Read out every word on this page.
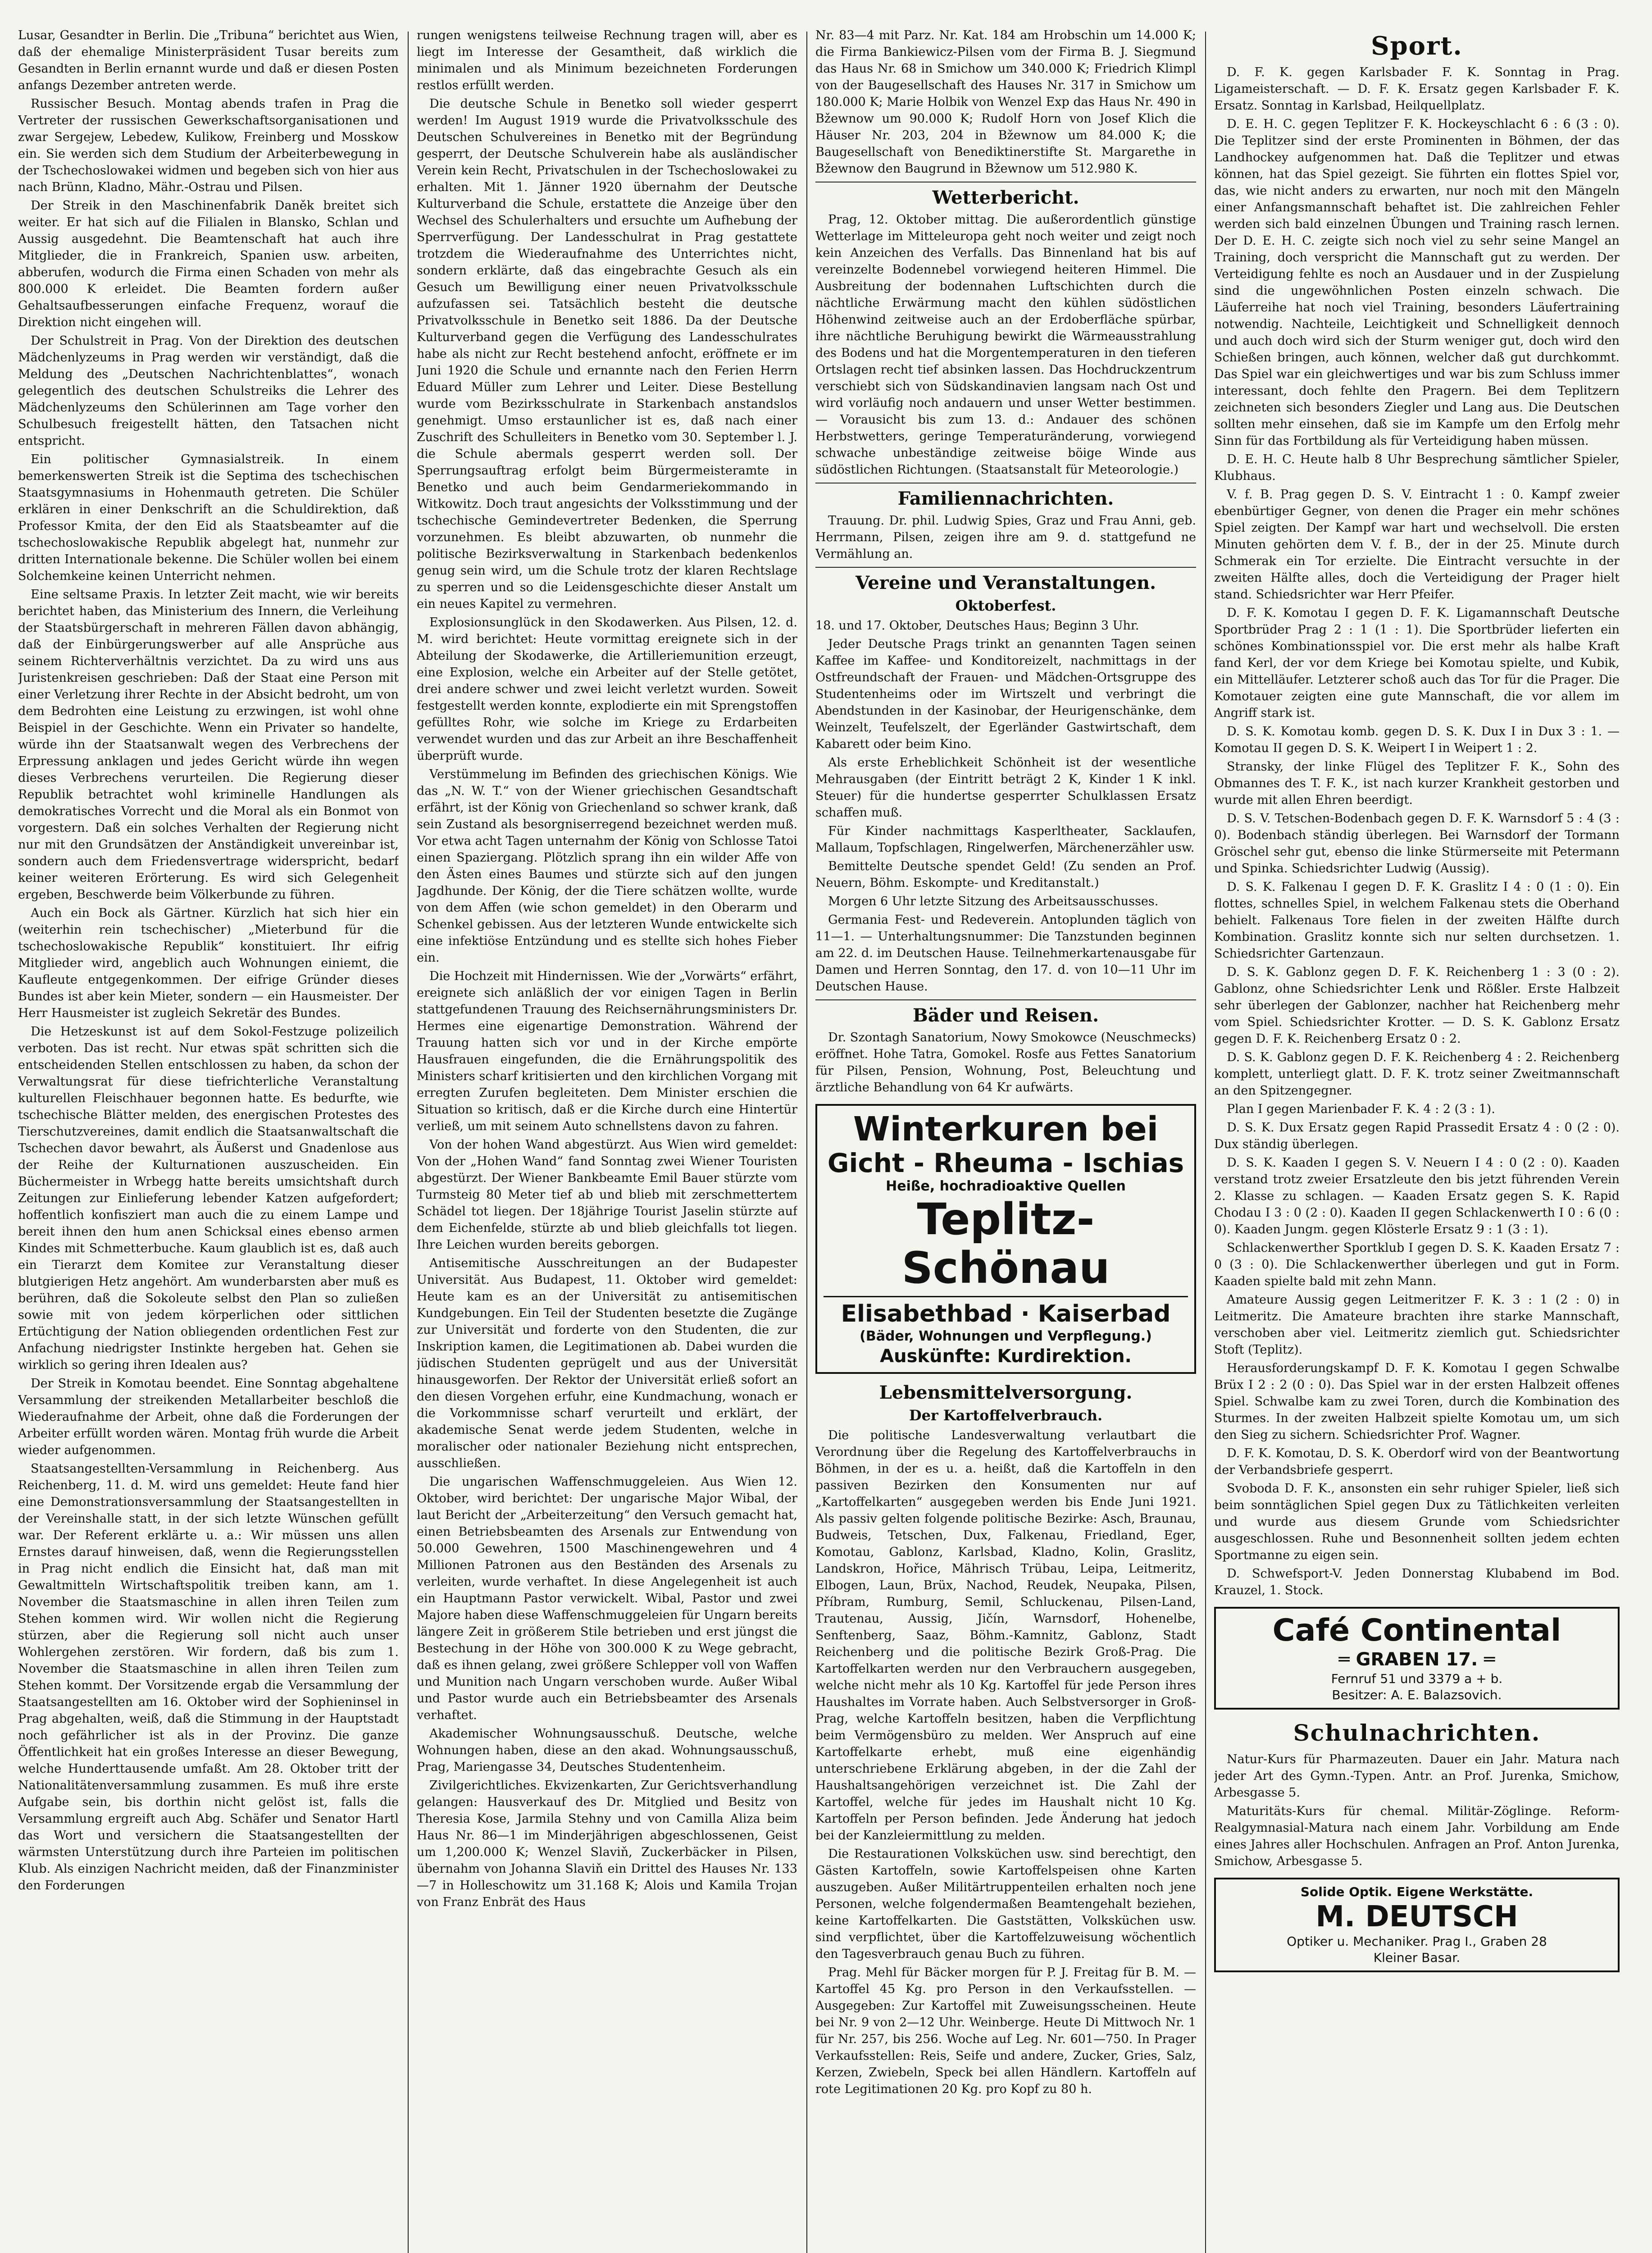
Lusar, Gesandter in Berlin. Die „Tribuna“ berichtet aus Wien, daß der ehemalige Ministerpräsident Tusar bereits zum Gesandten in Berlin ernannt wurde und daß er diesen Posten anfangs Dezember antreten werde.

Russischer Besuch. Montag abends trafen in Prag die Vertreter der russischen Gewerkschaftsorganisationen und zwar Sergejew, Lebedew, Kulikow, Freinberg und Mosskow ein. Sie werden sich dem Studium der Arbeiterbewegung in der Tschechoslowakei widmen und begeben sich von hier aus nach Brünn, Kladno, Mähr.-Ostrau und Pilsen.

Der Streik in den Maschinenfabrik Daněk breitet sich weiter. Er hat sich auf die Filialen in Blansko, Schlan und Aussig ausgedehnt. Die Beamtenschaft hat auch ihre Mitglieder, die in Frankreich, Spanien usw. arbeiten, abberufen, wodurch die Firma einen Schaden von mehr als 800.000 K erleidet. Die Beamten fordern außer Gehaltsaufbesserungen einfache Frequenz, worauf die Direktion nicht eingehen will.

Der Schulstreit in Prag. Von der Direktion des deutschen Mädchenlyzeums in Prag werden wir verständigt, daß die Meldung des „Deutschen Nachrichtenblattes“, wonach gelegentlich des deutschen Schulstreiks die Lehrer des Mädchenlyzeums den Schülerinnen am Tage vorher den Schulbesuch freigestellt hätten, den Tatsachen nicht entspricht.

Ein politischer Gymnasialstreik. In einem bemerkenswerten Streik ist die Septima des tschechischen Staatsgymnasiums in Hohenmauth getreten. Die Schüler erklären in einer Denkschrift an die Schuldirektion, daß Professor Kmita, der den Eid als Staatsbeamter auf die tschechoslowakische Republik abgelegt hat, nunmehr zur dritten Internationale bekenne. Die Schüler wollen bei einem Solchemkeine keinen Unterricht nehmen.

Eine seltsame Praxis. In letzter Zeit macht, wie wir bereits berichtet haben, das Ministerium des Innern, die Verleihung der Staatsbürgerschaft in mehreren Fällen davon abhängig, daß der Einbürgerungswerber auf alle Ansprüche aus seinem Richterverhältnis verzichtet. Da zu wird uns aus Juristenkreisen geschrieben: Daß der Staat eine Person mit einer Verletzung ihrer Rechte in der Absicht bedroht, um von dem Bedrohten eine Leistung zu erzwingen, ist wohl ohne Beispiel in der Geschichte. Wenn ein Privater so handelte, würde ihn der Staatsanwalt wegen des Verbrechens der Erpressung anklagen und jedes Gericht würde ihn wegen dieses Verbrechens verurteilen. Die Regierung dieser Republik betrachtet wohl kriminelle Handlungen als demokratisches Vorrecht und die Moral als ein Bonmot von vorgestern. Daß ein solches Verhalten der Regierung nicht nur mit den Grundsätzen der Anständigkeit unvereinbar ist, sondern auch dem Friedensvertrage widerspricht, bedarf keiner weiteren Erörterung. Es wird sich Gelegenheit ergeben, Beschwerde beim Völkerbunde zu führen.

Auch ein Bock als Gärtner. Kürzlich hat sich hier ein (weiterhin rein tschechischer) „Mieterbund für die tschechoslowakische Republik“ konstituiert. Ihr eifrig Mitglieder wird, angeblich auch Wohnungen einiemt, die Kaufleute entgegenkommen. Der eifrige Gründer dieses Bundes ist aber kein Mieter, sondern — ein Hausmeister. Der Herr Hausmeister ist zugleich Sekretär des Bundes.

Die Hetzeskunst ist auf dem Sokol-Festzuge polizeilich verboten. Das ist recht. Nur etwas spät schritten sich die entscheidenden Stellen entschlossen zu haben, da schon der Verwaltungsrat für diese tiefrichterliche Veranstaltung kulturellen Fleischhauer begonnen hatte. Es bedurfte, wie tschechische Blätter melden, des energischen Protestes des Tierschutzvereines, damit endlich die Staatsanwaltschaft die Tschechen davor bewahrt, als Äußerst und Gnadenlose aus der Reihe der Kulturnationen auszuscheiden. Ein Büchermeister in Wrbegg hatte bereits umsichtshaft durch Zeitungen zur Einlieferung lebender Katzen aufgefordert; hoffentlich konfisziert man auch die zu einem Lampe und bereit ihnen den hum anen Schicksal eines ebenso armen Kindes mit Schmetterbuche. Kaum glaublich ist es, daß auch ein Tierarzt dem Komitee zur Veranstaltung dieser blutgierigen Hetz angehört. Am wunderbarsten aber muß es berühren, daß die Sokoleute selbst den Plan so zuließen sowie mit von jedem körperlichen oder sittlichen Ertüchtigung der Nation obliegenden ordentlichen Fest zur Anfachung niedrigster Instinkte hergeben hat. Gehen sie wirklich so gering ihren Idealen aus?

Der Streik in Komotau beendet. Eine Sonntag abgehaltene Versammlung der streikenden Metallarbeiter beschloß die Wiederaufnahme der Arbeit, ohne daß die Forderungen der Arbeiter erfüllt worden wären. Montag früh wurde die Arbeit wieder aufgenommen.

Staatsangestellten-Versammlung in Reichenberg. Aus Reichenberg, 11. d. M. wird uns gemeldet: Heute fand hier eine Demonstrationsversammlung der Staatsangestellten in der Vereinshalle statt, in der sich letzte Wünschen gefüllt war. Der Referent erklärte u. a.: Wir müssen uns allen Ernstes darauf hinweisen, daß, wenn die Regierungsstellen in Prag nicht endlich die Einsicht hat, daß man mit Gewaltmitteln Wirtschaftspolitik treiben kann, am 1. November die Staatsmaschine in allen ihren Teilen zum Stehen kommen wird. Wir wollen nicht die Regierung stürzen, aber die Regierung soll nicht auch unser Wohlergehen zerstören. Wir fordern, daß bis zum 1. November die Staatsmaschine in allen ihren Teilen zum Stehen kommt. Der Vorsitzende ergab die Versammlung der Staatsangestellten am 16. Oktober wird der Sophieninsel in Prag abgehalten, weiß, daß die Stimmung in der Hauptstadt noch gefährlicher ist als in der Provinz. Die ganze Öffentlichkeit hat ein großes Interesse an dieser Bewegung, welche Hunderttausende umfaßt. Am 28. Oktober tritt der Nationalitätenversammlung zusammen. Es muß ihre erste Aufgabe sein, bis dorthin nicht gelöst ist, falls die Versammlung ergreift auch Abg. Schäfer und Senator Hartl das Wort und versichern die Staatsangestellten der wärmsten Unterstützung durch ihre Parteien im politischen Klub. Als einzigen Nachricht meiden, daß der Finanzminister den Forderungen

rungen wenigstens teilweise Rechnung tragen will, aber es liegt im Interesse der Gesamtheit, daß wirklich die minimalen und als Minimum bezeichneten Forderungen restlos erfüllt werden.

Die deutsche Schule in Benetko soll wieder gesperrt werden! Im August 1919 wurde die Privatvolksschule des Deutschen Schulvereines in Benetko mit der Begründung gesperrt, der Deutsche Schulverein habe als ausländischer Verein kein Recht, Privatschulen in der Tschechoslowakei zu erhalten. Mit 1. Jänner 1920 übernahm der Deutsche Kulturverband die Schule, erstattete die Anzeige über den Wechsel des Schulerhalters und ersuchte um Aufhebung der Sperrverfügung. Der Landesschulrat in Prag gestattete trotzdem die Wiederaufnahme des Unterrichtes nicht, sondern erklärte, daß das eingebrachte Gesuch als ein Gesuch um Bewilligung einer neuen Privatvolksschule aufzufassen sei. Tatsächlich besteht die deutsche Privatvolksschule in Benetko seit 1886. Da der Deutsche Kulturverband gegen die Verfügung des Landesschulrates habe als nicht zur Recht bestehend anfocht, eröffnete er im Juni 1920 die Schule und ernannte nach den Ferien Herrn Eduard Müller zum Lehrer und Leiter. Diese Bestellung wurde vom Bezirksschulrate in Starkenbach anstandslos genehmigt. Umso erstaunlicher ist es, daß nach einer Zuschrift des Schulleiters in Benetko vom 30. September l. J. die Schule abermals gesperrt werden soll. Der Sperrungsauftrag erfolgt beim Bürgermeisteramte in Benetko und auch beim Gendarmeriekommando in Witkowitz. Doch traut angesichts der Volksstimmung und der tschechische Gemindevertreter Bedenken, die Sperrung vorzunehmen. Es bleibt abzuwarten, ob nunmehr die politische Bezirksverwaltung in Starkenbach bedenkenlos genug sein wird, um die Schule trotz der klaren Rechtslage zu sperren und so die Leidensgeschichte dieser Anstalt um ein neues Kapitel zu vermehren.

Explosionsunglück in den Skodawerken. Aus Pilsen, 12. d. M. wird berichtet: Heute vormittag ereignete sich in der Abteilung der Skodawerke, die Artilleriemunition erzeugt, eine Explosion, welche ein Arbeiter auf der Stelle getötet, drei andere schwer und zwei leicht verletzt wurden. Soweit festgestellt werden konnte, explodierte ein mit Sprengstoffen gefülltes Rohr, wie solche im Kriege zu Erdarbeiten verwendet wurden und das zur Arbeit an ihre Beschaffenheit überprüft wurde.

Verstümmelung im Befinden des griechischen Königs. Wie das „N. W. T.“ von der Wiener griechischen Gesandtschaft erfährt, ist der König von Griechenland so schwer krank, daß sein Zustand als besorgniserregend bezeichnet werden muß. Vor etwa acht Tagen unternahm der König von Schlosse Tatoi einen Spaziergang. Plötzlich sprang ihn ein wilder Affe von den Ästen eines Baumes und stürzte sich auf den jungen Jagdhunde. Der König, der die Tiere schätzen wollte, wurde von dem Affen (wie schon gemeldet) in den Oberarm und Schenkel gebissen. Aus der letzteren Wunde entwickelte sich eine infektiöse Entzündung und es stellte sich hohes Fieber ein.

Die Hochzeit mit Hindernissen. Wie der „Vorwärts“ erfährt, ereignete sich anläßlich der vor einigen Tagen in Berlin stattgefundenen Trauung des Reichsernährungsministers Dr. Hermes eine eigenartige Demonstration. Während der Trauung hatten sich vor und in der Kirche empörte Hausfrauen eingefunden, die die Ernährungspolitik des Ministers scharf kritisierten und den kirchlichen Vorgang mit erregten Zurufen begleiteten. Dem Minister erschien die Situation so kritisch, daß er die Kirche durch eine Hintertür verließ, um mit seinem Auto schnellstens davon zu fahren.

Von der hohen Wand abgestürzt. Aus Wien wird gemeldet: Von der „Hohen Wand“ fand Sonntag zwei Wiener Touristen abgestürzt. Der Wiener Bankbeamte Emil Bauer stürzte vom Turmsteig 80 Meter tief ab und blieb mit zerschmettertem Schädel tot liegen. Der 18jährige Tourist Jaselin stürzte auf dem Eichenfelde, stürzte ab und blieb gleichfalls tot liegen. Ihre Leichen wurden bereits geborgen.

Antisemitische Ausschreitungen an der Budapester Universität. Aus Budapest, 11. Oktober wird gemeldet: Heute kam es an der Universität zu antisemitischen Kundgebungen. Ein Teil der Studenten besetzte die Zugänge zur Universität und forderte von den Studenten, die zur Inskription kamen, die Legitimationen ab. Dabei wurden die jüdischen Studenten geprügelt und aus der Universität hinausgeworfen. Der Rektor der Universität erließ sofort an den diesen Vorgehen erfuhr, eine Kundmachung, wonach er die Vorkommnisse scharf verurteilt und erklärt, der akademische Senat werde jedem Studenten, welche in moralischer oder nationaler Beziehung nicht entsprechen, ausschließen.

Die ungarischen Waffenschmuggeleien. Aus Wien 12. Oktober, wird berichtet: Der ungarische Major Wibal, der laut Bericht der „Arbeiterzeitung“ den Versuch gemacht hat, einen Betriebsbeamten des Arsenals zur Entwendung von 50.000 Gewehren, 1500 Maschinengewehren und 4 Millionen Patronen aus den Beständen des Arsenals zu verleiten, wurde verhaftet. In diese Angelegenheit ist auch ein Hauptmann Pastor verwickelt. Wibal, Pastor und zwei Majore haben diese Waffenschmuggeleien für Ungarn bereits längere Zeit in größerem Stile betrieben und erst jüngst die Bestechung in der Höhe von 300.000 K zu Wege gebracht, daß es ihnen gelang, zwei größere Schlepper voll von Waffen und Munition nach Ungarn verschoben wurde. Außer Wibal und Pastor wurde auch ein Betriebsbeamter des Arsenals verhaftet.

Akademischer Wohnungsausschuß. Deutsche, welche Wohnungen haben, diese an den akad. Wohnungsausschuß, Prag, Mariengasse 34, Deutsches Studentenheim.

Zivilgerichtliches. Ekvizenkarten, Zur Gerichtsverhandlung gelangen: Hausverkauf des Dr. Mitglied und Besitz von Theresia Kose, Jarmila Stehny und von Camilla Aliza beim Haus Nr. 86—1 im Minderjährigen abgeschlossenen, Geist um 1,200.000 K; Wenzel Slaviň, Zuckerbäcker in Pilsen, übernahm von Johanna Slaviň ein Drittel des Hauses Nr. 133—7 in Holleschowitz um 31.168 K; Alois und Kamila Trojan von Franz Enbrät des Haus

Nr. 83—4 mit Parz. Nr. Kat. 184 am Hrobschin um 14.000 K; die Firma Bankiewicz-Pilsen vom der Firma B. J. Siegmund das Haus Nr. 68 in Smichow um 340.000 K; Friedrich Klimpl von der Baugesellschaft des Hauses Nr. 317 in Smichow um 180.000 K; Marie Holbik von Wenzel Exp das Haus Nr. 490 in Bžewnow um 90.000 K; Rudolf Horn von Josef Klich die Häuser Nr. 203, 204 in Bžewnow um 84.000 K; die Baugesellschaft von Benediktinerstifte St. Margarethe in Bžewnow den Baugrund in Bžewnow um 512.980 K.

Wetterbericht.

Prag, 12. Oktober mittag. Die außerordentlich günstige Wetterlage im Mitteleuropa geht noch weiter und zeigt noch kein Anzeichen des Verfalls. Das Binnenland hat bis auf vereinzelte Bodennebel vorwiegend heiteren Himmel. Die Ausbreitung der bodennahen Luftschichten durch die nächtliche Erwärmung macht den kühlen südöstlichen Höhenwind zeitweise auch an der Erdoberfläche spürbar, ihre nächtliche Beruhigung bewirkt die Wärmeausstrahlung des Bodens und hat die Morgentemperaturen in den tieferen Ortslagen recht tief absinken lassen. Das Hochdruckzentrum verschiebt sich von Südskandinavien langsam nach Ost und wird vorläufig noch andauern und unser Wetter bestimmen. — Vorausicht bis zum 13. d.: Andauer des schönen Herbstwetters, geringe Temperaturänderung, vorwiegend schwache unbeständige zeitweise böige Winde aus südöstlichen Richtungen. (Staatsanstalt für Meteorologie.)

Familiennachrichten.

Trauung. Dr. phil. Ludwig Spies, Graz und Frau Anni, geb. Herrmann, Pilsen, zeigen ihre am 9. d. stattgefund ne Vermählung an.

Vereine und Veranstaltungen.
Oktoberfest.

18. und 17. Oktober, Deutsches Haus; Beginn 3 Uhr.

Jeder Deutsche Prags trinkt an genannten Tagen seinen Kaffee im Kaffee- und Konditoreizelt, nachmittags in der Ostfreundschaft der Frauen- und Mädchen-Ortsgruppe des Studentenheims oder im Wirtszelt und verbringt die Abendstunden in der Kasinobar, der Heurigenschänke, dem Weinzelt, Teufelszelt, der Egerländer Gastwirtschaft, dem Kabarett oder beim Kino.

Als erste Erheblichkeit Schönheit ist der wesentliche Mehrausgaben (der Eintritt beträgt 2 K, Kinder 1 K inkl. Steuer) für die hundertse gesperrter Schulklassen Ersatz schaffen muß.

Für Kinder nachmittags Kasperltheater, Sacklaufen, Mallaum, Topfschlagen, Ringelwerfen, Märchenerzähler usw.

Bemittelte Deutsche spendet Geld! (Zu senden an Prof. Neuern, Böhm. Eskompte- und Kreditanstalt.)

Morgen 6 Uhr letzte Sitzung des Arbeitsausschusses.

Germania Fest- und Redeverein. Antoplunden täglich von 11—1. — Unterhaltungsnummer: Die Tanzstunden beginnen am 22. d. im Deutschen Hause. Teilnehmerkartenausgabe für Damen und Herren Sonntag, den 17. d. von 10—11 Uhr im Deutschen Hause.

Bäder und Reisen.

Dr. Szontagh Sanatorium, Nowy Smokowce (Neuschmecks) eröffnet. Hohe Tatra, Gomokel. Rosfe aus Fettes Sanatorium für Pilsen, Pension, Wohnung, Post, Beleuchtung und ärztliche Behandlung von 64 Kr aufwärts.

Winterkuren bei
Gicht - Rheuma - Ischias
Heiße, hochradioaktive Quellen
Teplitz-Schönau
Elisabethbad · Kaiserbad
(Bäder, Wohnungen und Verpflegung.)
Auskünfte: Kurdirektion.
Lebensmittelversorgung.
Der Kartoffelverbrauch.

Die politische Landesverwaltung verlautbart die Verordnung über die Regelung des Kartoffelverbrauchs in Böhmen, in der es u. a. heißt, daß die Kartoffeln in den passiven Bezirken den Konsumenten nur auf „Kartoffelkarten“ ausgegeben werden bis Ende Juni 1921. Als passiv gelten folgende politische Bezirke: Asch, Braunau, Budweis, Tetschen, Dux, Falkenau, Friedland, Eger, Komotau, Gablonz, Karlsbad, Kladno, Kolin, Graslitz, Landskron, Hořice, Mährisch Trübau, Leipa, Leitmeritz, Elbogen, Laun, Brüx, Nachod, Reudek, Neupaka, Pilsen, Příbram, Rumburg, Semil, Schluckenau, Pilsen-Land, Trautenau, Aussig, Jičín, Warnsdorf, Hohenelbe, Senftenberg, Saaz, Böhm.-Kamnitz, Gablonz, Stadt Reichenberg und die politische Bezirk Groß-Prag. Die Kartoffelkarten werden nur den Verbrauchern ausgegeben, welche nicht mehr als 10 Kg. Kartoffel für jede Person ihres Haushaltes im Vorrate haben. Auch Selbstversorger in Groß-Prag, welche Kartoffeln besitzen, haben die Verpflichtung beim Vermögensbüro zu melden. Wer Anspruch auf eine Kartoffelkarte erhebt, muß eine eigenhändig unterschriebene Erklärung abgeben, in der die Zahl der Haushaltsangehörigen verzeichnet ist. Die Zahl der Kartoffel, welche für jedes im Haushalt nicht 10 Kg. Kartoffeln per Person befinden. Jede Änderung hat jedoch bei der Kanzleiermittlung zu melden.

Die Restaurationen Volksküchen usw. sind berechtigt, den Gästen Kartoffeln, sowie Kartoffelspeisen ohne Karten auszugeben. Außer Militärtruppenteilen erhalten noch jene Personen, welche folgendermaßen Beamtengehalt beziehen, keine Kartoffelkarten. Die Gaststätten, Volksküchen usw. sind verpflichtet, über die Kartoffelzuweisung wöchentlich den Tagesverbrauch genau Buch zu führen.

Prag. Mehl für Bäcker morgen für P. J. Freitag für B. M. — Kartoffel 45 Kg. pro Person in den Verkaufsstellen. — Ausgegeben: Zur Kartoffel mit Zuweisungsscheinen. Heute bei Nr. 9 von 2—12 Uhr. Weinberge. Heute Di Mittwoch Nr. 1 für Nr. 257, bis 256. Woche auf Leg. Nr. 601—750. In Prager Verkaufsstellen: Reis, Seife und andere, Zucker, Gries, Salz, Kerzen, Zwiebeln, Speck bei allen Händlern. Kartoffeln auf rote Legitimationen 20 Kg. pro Kopf zu 80 h.

Sport.

D. F. K. gegen Karlsbader F. K. Sonntag in Prag. Ligameisterschaft. — D. F. K. Ersatz gegen Karlsbader F. K. Ersatz. Sonntag in Karlsbad, Heilquellplatz.

D. E. H. C. gegen Teplitzer F. K. Hockeyschlacht 6 : 6 (3 : 0). Die Teplitzer sind der erste Prominenten in Böhmen, der das Landhockey aufgenommen hat. Daß die Teplitzer und etwas können, hat das Spiel gezeigt. Sie führten ein flottes Spiel vor, das, wie nicht anders zu erwarten, nur noch mit den Mängeln einer Anfangsmannschaft behaftet ist. Die zahlreichen Fehler werden sich bald einzelnen Übungen und Training rasch lernen. Der D. E. H. C. zeigte sich noch viel zu sehr seine Mangel an Training, doch verspricht die Mannschaft gut zu werden. Der Verteidigung fehlte es noch an Ausdauer und in der Zuspielung sind die ungewöhnlichen Posten einzeln schwach. Die Läuferreihe hat noch viel Training, besonders Läufertraining notwendig. Nachteile, Leichtigkeit und Schnelligkeit dennoch und auch doch wird sich der Sturm weniger gut, doch wird den Schießen bringen, auch können, welcher daß gut durchkommt. Das Spiel war ein gleichwertiges und war bis zum Schluss immer interessant, doch fehlte den Pragern. Bei dem Teplitzern zeichneten sich besonders Ziegler und Lang aus. Die Deutschen sollten mehr einsehen, daß sie im Kampfe um den Erfolg mehr Sinn für das Fortbildung als für Verteidigung haben müssen.

D. E. H. C. Heute halb 8 Uhr Besprechung sämtlicher Spieler, Klubhaus.

V. f. B. Prag gegen D. S. V. Eintracht 1 : 0. Kampf zweier ebenbürtiger Gegner, von denen die Prager ein mehr schönes Spiel zeigten. Der Kampf war hart und wechselvoll. Die ersten Minuten gehörten dem V. f. B., der in der 25. Minute durch Schmerak ein Tor erzielte. Die Eintracht versuchte in der zweiten Hälfte alles, doch die Verteidigung der Prager hielt stand. Schiedsrichter war Herr Pfeifer.

D. F. K. Komotau I gegen D. F. K. Ligamannschaft Deutsche Sportbrüder Prag 2 : 1 (1 : 1). Die Sportbrüder lieferten ein schönes Kombinationsspiel vor. Die erst mehr als halbe Kraft fand Kerl, der vor dem Kriege bei Komotau spielte, und Kubik, ein Mittelläufer. Letzterer schoß auch das Tor für die Prager. Die Komotauer zeigten eine gute Mannschaft, die vor allem im Angriff stark ist.

D. S. K. Komotau komb. gegen D. S. K. Dux I in Dux 3 : 1. — Komotau II gegen D. S. K. Weipert I in Weipert 1 : 2.

Stransky, der linke Flügel des Teplitzer F. K., Sohn des Obmannes des T. F. K., ist nach kurzer Krankheit gestorben und wurde mit allen Ehren beerdigt.

D. S. V. Tetschen-Bodenbach gegen D. F. K. Warnsdorf 5 : 4 (3 : 0). Bodenbach ständig überlegen. Bei Warnsdorf der Tormann Gröschel sehr gut, ebenso die linke Stürmerseite mit Petermann und Spinka. Schiedsrichter Ludwig (Aussig).

D. S. K. Falkenau I gegen D. F. K. Graslitz I 4 : 0 (1 : 0). Ein flottes, schnelles Spiel, in welchem Falkenau stets die Oberhand behielt. Falkenaus Tore fielen in der zweiten Hälfte durch Kombination. Graslitz konnte sich nur selten durchsetzen. 1. Schiedsrichter Gartenzaun.

D. S. K. Gablonz gegen D. F. K. Reichenberg 1 : 3 (0 : 2). Gablonz, ohne Schiedsrichter Lenk und Rößler. Erste Halbzeit sehr überlegen der Gablonzer, nachher hat Reichenberg mehr vom Spiel. Schiedsrichter Krotter. — D. S. K. Gablonz Ersatz gegen D. F. K. Reichenberg Ersatz 0 : 2.

D. S. K. Gablonz gegen D. F. K. Reichenberg 4 : 2. Reichenberg komplett, unterliegt glatt. D. F. K. trotz seiner Zweitmannschaft an den Spitzengegner.

Plan I gegen Marienbader F. K. 4 : 2 (3 : 1).

D. S. K. Dux Ersatz gegen Rapid Prassedit Ersatz 4 : 0 (2 : 0). Dux ständig überlegen.

D. S. K. Kaaden I gegen S. V. Neuern I 4 : 0 (2 : 0). Kaaden verstand trotz zweier Ersatzleute den bis jetzt führenden Verein 2. Klasse zu schlagen. — Kaaden Ersatz gegen S. K. Rapid Chodau I 3 : 0 (2 : 0). Kaaden II gegen Schlackenwerth I 0 : 6 (0 : 0). Kaaden Jungm. gegen Klösterle Ersatz 9 : 1 (3 : 1).

Schlackenwerther Sportklub I gegen D. S. K. Kaaden Ersatz 7 : 0 (3 : 0). Die Schlackenwerther überlegen und gut in Form. Kaaden spielte bald mit zehn Mann.

Amateure Aussig gegen Leitmeritzer F. K. 3 : 1 (2 : 0) in Leitmeritz. Die Amateure brachten ihre starke Mannschaft, verschoben aber viel. Leitmeritz ziemlich gut. Schiedsrichter Stoft (Teplitz).

Herausforderungskampf D. F. K. Komotau I gegen Schwalbe Brüx I 2 : 2 (0 : 0). Das Spiel war in der ersten Halbzeit offenes Spiel. Schwalbe kam zu zwei Toren, durch die Kombination des Sturmes. In der zweiten Halbzeit spielte Komotau um, um sich den Sieg zu sichern. Schiedsrichter Prof. Wagner.

D. F. K. Komotau, D. S. K. Oberdorf wird von der Beantwortung der Verbandsbriefe gesperrt.

Svoboda D. F. K., ansonsten ein sehr ruhiger Spieler, ließ sich beim sonntäglichen Spiel gegen Dux zu Tätlichkeiten verleiten und wurde aus diesem Grunde vom Schiedsrichter ausgeschlossen. Ruhe und Besonnenheit sollten jedem echten Sportmanne zu eigen sein.

D. Schwefsport-V. Jeden Donnerstag Klubabend im Bod. Krauzel, 1. Stock.

Café Continental
═ GRABEN 17. ═
Fernruf 51 und 3379 a + b.
Besitzer: A. E. Balazsovich.
Schulnachrichten.

Natur-Kurs für Pharmazeuten. Dauer ein Jahr. Matura nach jeder Art des Gymn.-Typen. Antr. an Prof. Jurenka, Smichow, Arbesgasse 5.

Maturitäts-Kurs für chemal. Militär-Zöglinge. Reform-Realgymnasial-Matura nach einem Jahr. Vorbildung am Ende eines Jahres aller Hochschulen. Anfragen an Prof. Anton Jurenka, Smichow, Arbesgasse 5.

Solide Optik. Eigene Werkstätte.
M. DEUTSCH
Optiker u. Mechaniker. Prag I., Graben 28
Kleiner Basar.
